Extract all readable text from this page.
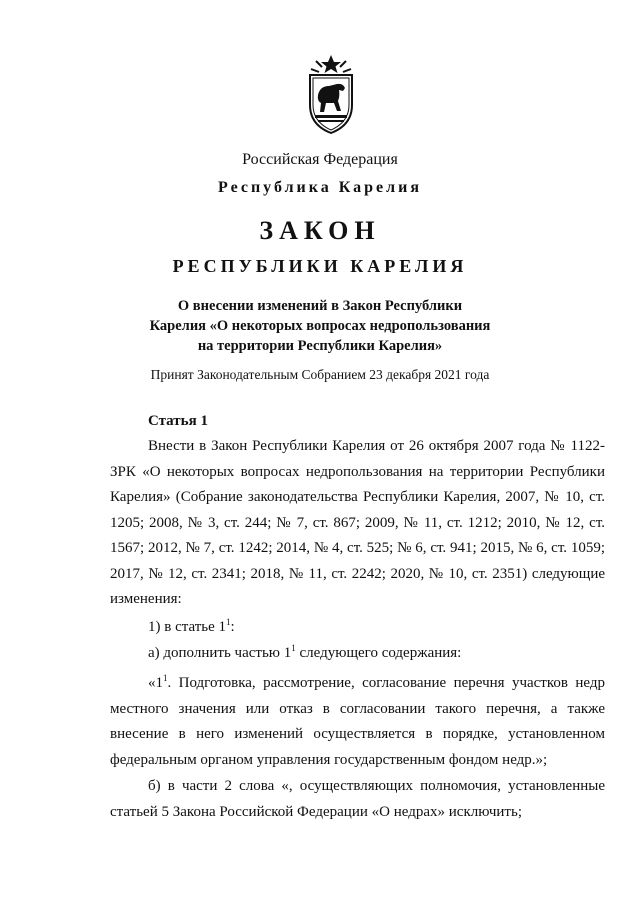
Российская Федерация
Республика Карелия
ЗАКОН
РЕСПУБЛИКИ КАРЕЛИЯ
О внесении изменений в Закон Республики
Карелия «О некоторых вопросах недропользования
на территории Республики Карелия»
Принят Законодательным Собранием 23 декабря 2021 года
Статья 1
Внести в Закон Республики Карелия от 26 октября 2007 года № 1122-ЗРК «О некоторых вопросах недропользования на территории Республики Карелия» (Собрание законодательства Республики Карелия, 2007, № 10, ст. 1205; 2008, № 3, ст. 244; № 7, ст. 867; 2009, № 11, ст. 1212; 2010, № 12, ст. 1567; 2012, № 7, ст. 1242; 2014, № 4, ст. 525; № 6, ст. 941; 2015, № 6, ст. 1059; 2017, № 12, ст. 2341; 2018, № 11, ст. 2242; 2020, № 10, ст. 2351) следующие изменения:
1) в статье $1^1$:
а) дополнить частью $1^1$ следующего содержания:
«$1^1$. Подготовка, рассмотрение, согласование перечня участков недр местного значения или отказ в согласовании такого перечня, а также внесение в него изменений осуществляется в порядке, установленном федеральным органом управления государственным фондом недр.»;
б) в части 2 слова «, осуществляющих полномочия, установленные статьей 5 Закона Российской Федерации «О недрах» исключить;
